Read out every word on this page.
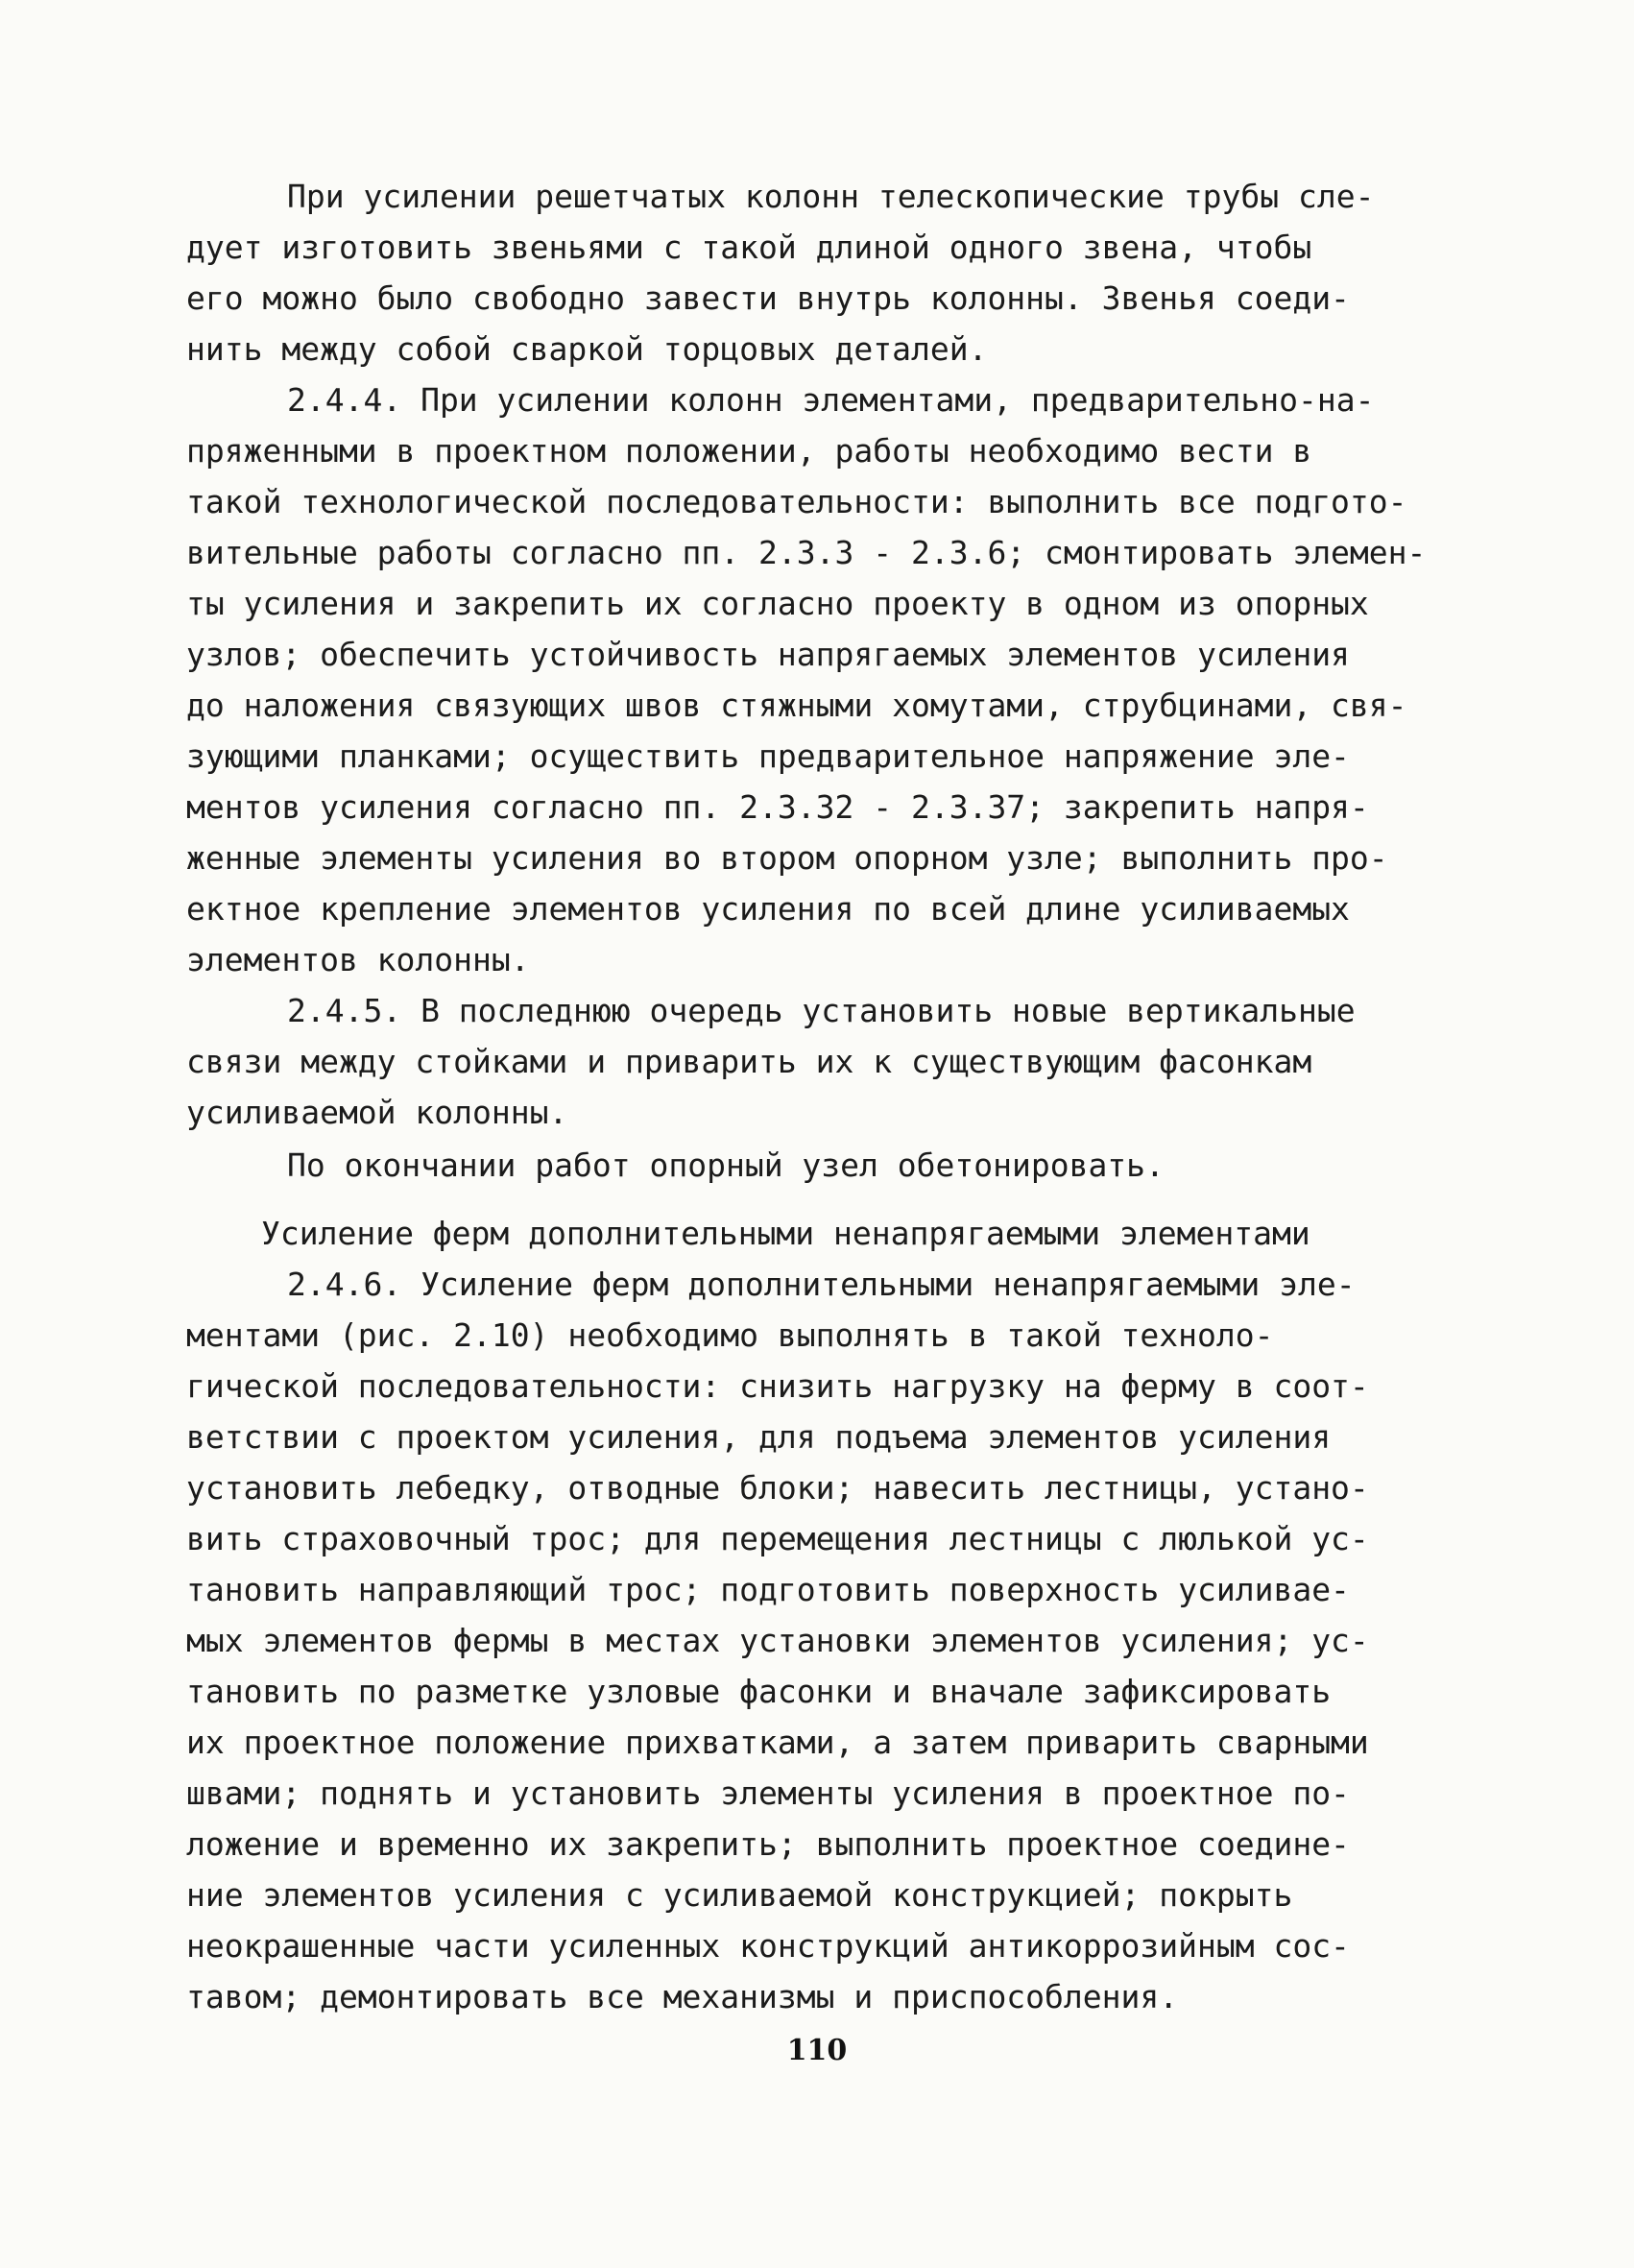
При усилении решетчатых колонн телескопические трубы сле-
дует изготовить звеньями с такой длиной одного звена, чтобы
его можно было свободно завести внутрь колонны. Звенья соеди-
нить между собой сваркой торцовых деталей.
2.4.4. При усилении колонн элементами, предварительно-на-
пряженными в проектном положении, работы необходимо вести в
такой технологической последовательности: выполнить все подгото-
вительные работы согласно пп. 2.3.3 - 2.3.6; смонтировать элемен-
ты усиления и закрепить их согласно проекту в одном из опорных
узлов; обеспечить устойчивость напрягаемых элементов усиления
до наложения связующих швов стяжными хомутами, струбцинами, свя-
зующими планками; осуществить предварительное напряжение эле-
ментов усиления согласно пп. 2.3.32 - 2.3.37; закрепить напря-
женные элементы усиления во втором опорном узле; выполнить про-
ектное крепление элементов усиления по всей длине усиливаемых
элементов колонны.
2.4.5. В последнюю очередь установить новые вертикальные
связи между стойками и приварить их к существующим фасонкам
усиливаемой колонны.
По окончании работ опорный узел обетонировать.
Усиление ферм дополнительными ненапрягаемыми элементами
2.4.6. Усиление ферм дополнительными ненапрягаемыми эле-
ментами (рис. 2.10) необходимо выполнять в такой техноло-
гической последовательности: снизить нагрузку на ферму в соот-
ветствии с проектом усиления, для подъема элементов усиления
установить лебедку, отводные блоки; навесить лестницы, устано-
вить страховочный трос; для перемещения лестницы с люлькой ус-
тановить направляющий трос; подготовить поверхность усиливае-
мых элементов фермы в местах установки элементов усиления; ус-
тановить по разметке узловые фасонки и вначале зафиксировать
их проектное положение прихватками, а затем приварить сварными
швами; поднять и установить элементы усиления в проектное по-
ложение и временно их закрепить; выполнить проектное соедине-
ние элементов усиления с усиливаемой конструкцией; покрыть
неокрашенные части усиленных конструкций антикоррозийным сос-
тавом; демонтировать все механизмы и приспособления.
110
